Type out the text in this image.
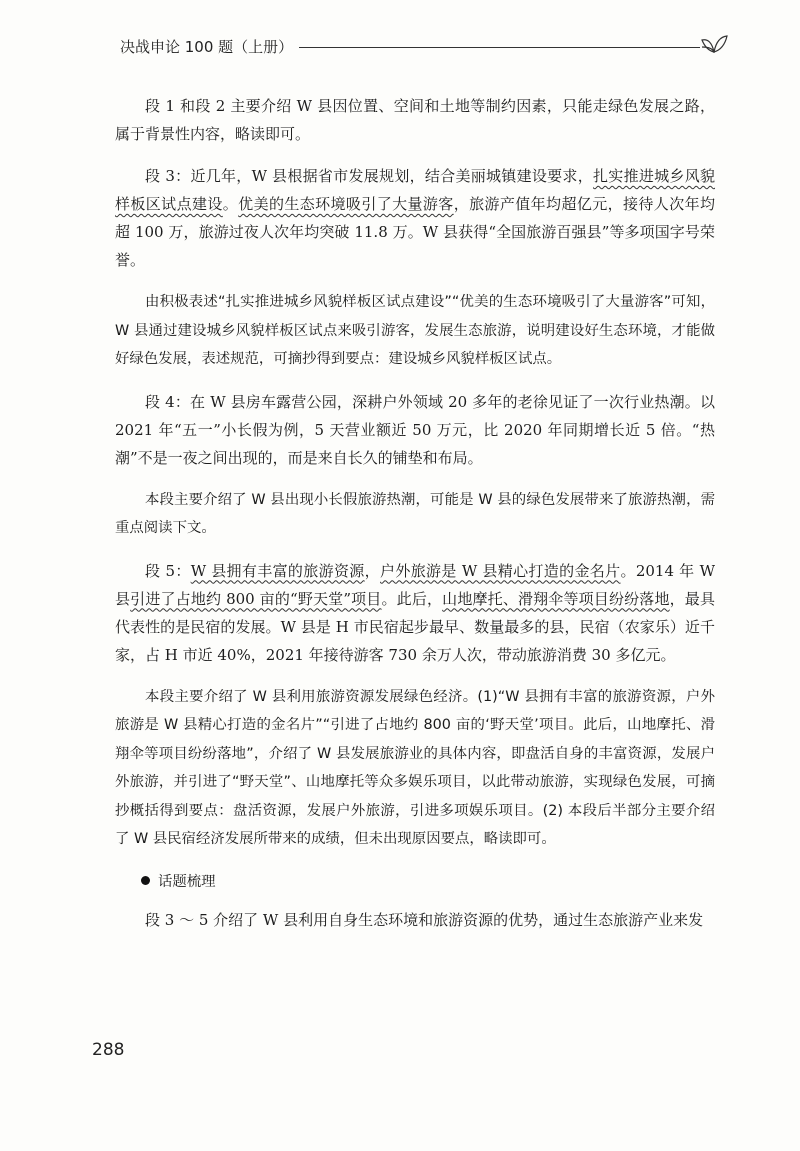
决战申论 100 题（上册）

段 1 和段 2 主要介绍 W 县因位置、空间和土地等制约因素，只能走绿色发展之路，属于背景性内容，略读即可。

段 3：近几年，W 县根据省市发展规划，结合美丽城镇建设要求，扎实推进城乡风貌样板区试点建设。优美的生态环境吸引了大量游客，旅游产值年均超亿元，接待人次年均超 100 万，旅游过夜人次年均突破 11.8 万。W 县获得“全国旅游百强县”等多项国字号荣誉。

由积极表述“扎实推进城乡风貌样板区试点建设”“优美的生态环境吸引了大量游客”可知，W 县通过建设城乡风貌样板区试点来吸引游客，发展生态旅游，说明建设好生态环境，才能做好绿色发展，表述规范，可摘抄得到要点：建设城乡风貌样板区试点。

段 4：在 W 县房车露营公园，深耕户外领域 20 多年的老徐见证了一次行业热潮。以 2021 年“五一”小长假为例，5 天营业额近 50 万元，比 2020 年同期增长近 5 倍。“热潮”不是一夜之间出现的，而是来自长久的铺垫和布局。

本段主要介绍了 W 县出现小长假旅游热潮，可能是 W 县的绿色发展带来了旅游热潮，需重点阅读下文。

段 5：W 县拥有丰富的旅游资源，户外旅游是 W 县精心打造的金名片。2014 年 W 县引进了占地约 800 亩的“野天堂”项目。此后，山地摩托、滑翔伞等项目纷纷落地，最具代表性的是民宿的发展。W 县是 H 市民宿起步最早、数量最多的县，民宿（农家乐）近千家，占 H 市近 40%，2021 年接待游客 730 余万人次，带动旅游消费 30 多亿元。

本段主要介绍了 W 县利用旅游资源发展绿色经济。(1)“W 县拥有丰富的旅游资源，户外旅游是 W 县精心打造的金名片”“引进了占地约 800 亩的‘野天堂’项目。此后，山地摩托、滑翔伞等项目纷纷落地”，介绍了 W 县发展旅游业的具体内容，即盘活自身的丰富资源，发展户外旅游，并引进了“野天堂”、山地摩托等众多娱乐项目，以此带动旅游，实现绿色发展，可摘抄概括得到要点：盘活资源，发展户外旅游，引进多项娱乐项目。(2) 本段后半部分主要介绍了 W 县民宿经济发展所带来的成绩，但未出现原因要点，略读即可。

话题梳理

段 3 ～ 5 介绍了 W 县利用自身生态环境和旅游资源的优势，通过生态旅游产业来发

288
